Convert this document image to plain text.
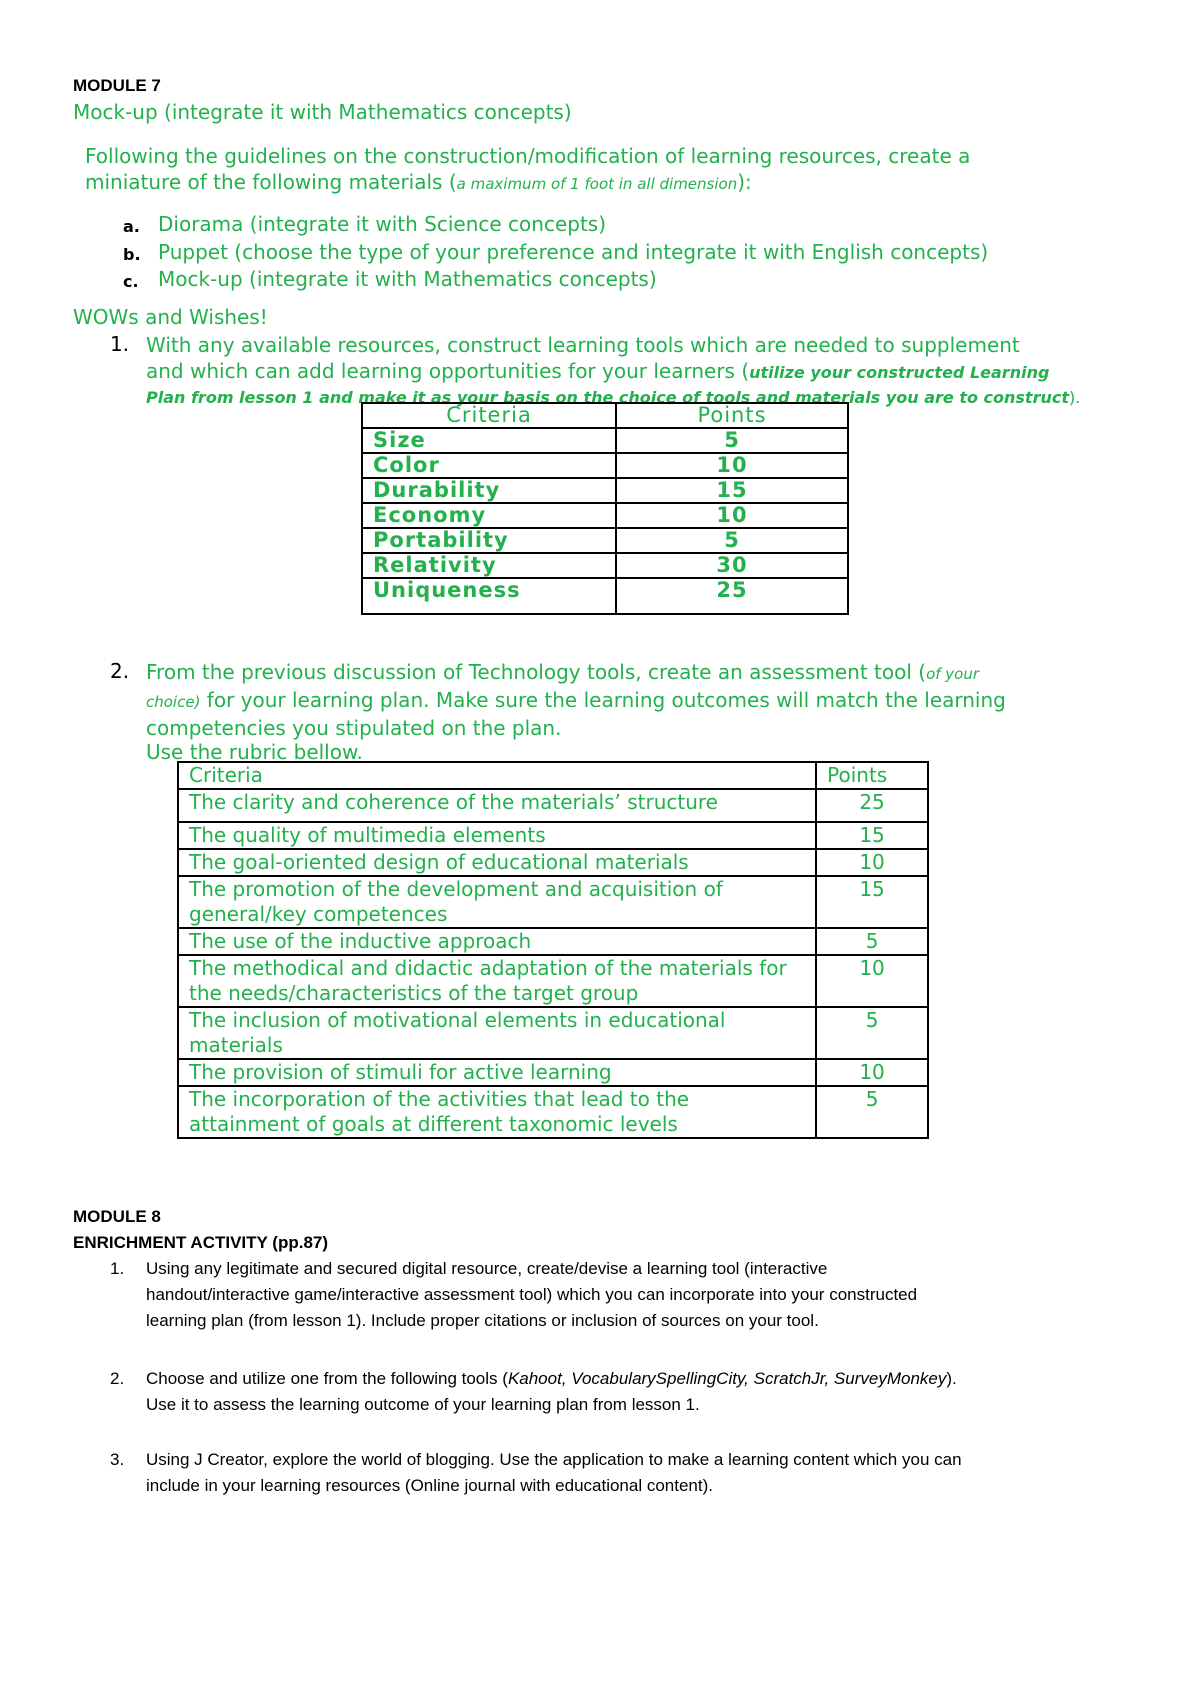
MODULE 7
Mock-up (integrate it with Mathematics concepts)
Following the guidelines on the construction/modification of learning resources, create a
miniature of the following materials (a maximum of 1 foot in all dimension):
a. Diorama (integrate it with Science concepts)
b. Puppet (choose the type of your preference and integrate it with English concepts)
c. Mock-up (integrate it with Mathematics concepts)
WOWs and Wishes!
1. With any available resources, construct learning tools which are needed to supplement
and which can add learning opportunities for your learners (utilize your constructed Learning
Plan from lesson 1 and make it as your basis on the choice of tools and materials you are to construct).
Criteria	Points
Size	5
Color	10
Durability	15
Economy	10
Portability	5
Relativity	30
Uniqueness	25
2. From the previous discussion of Technology tools, create an assessment tool (of your
choice) for your learning plan. Make sure the learning outcomes will match the learning
competencies you stipulated on the plan.
Use the rubric bellow.
Criteria	Points
The clarity and coherence of the materials’ structure	25
The quality of multimedia elements	15
The goal-oriented design of educational materials	10
The promotion of the development and acquisition of general/key competences	15
The use of the inductive approach	5
The methodical and didactic adaptation of the materials for the needs/characteristics of the target group	10
The inclusion of motivational elements in educational materials	5
The provision of stimuli for active learning	10
The incorporation of the activities that lead to the attainment of goals at different taxonomic levels	5
MODULE 8
ENRICHMENT ACTIVITY (pp.87)
1. Using any legitimate and secured digital resource, create/devise a learning tool (interactive
handout/interactive game/interactive assessment tool) which you can incorporate into your constructed
learning plan (from lesson 1). Include proper citations or inclusion of sources on your tool.
2. Choose and utilize one from the following tools (Kahoot, VocabularySpellingCity, ScratchJr, SurveyMonkey).
Use it to assess the learning outcome of your learning plan from lesson 1.
3. Using J Creator, explore the world of blogging. Use the application to make a learning content which you can
include in your learning resources (Online journal with educational content).
